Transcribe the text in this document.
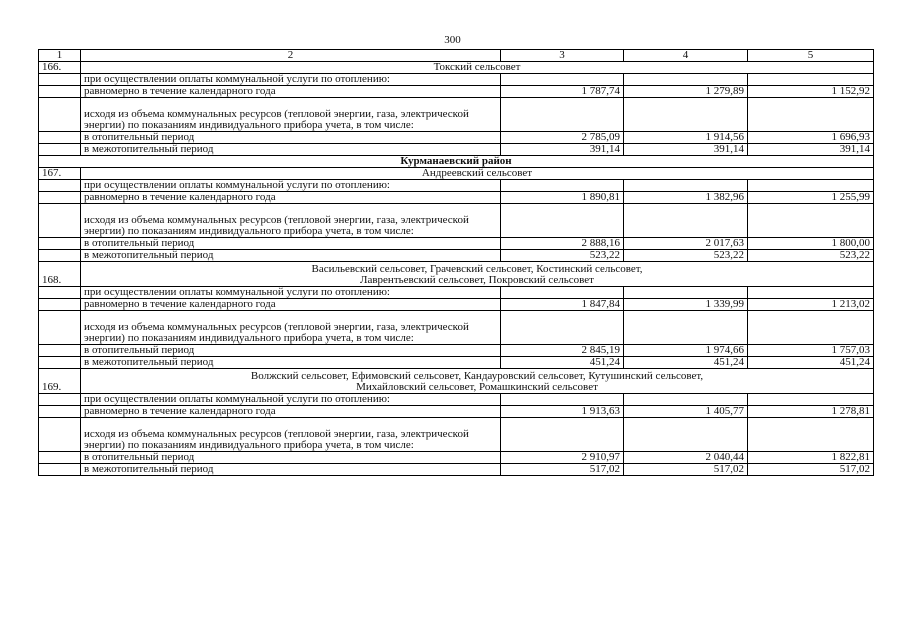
300
1	2	3	4	5
166.	Токский сельсовет			

	при осуществлении оплаты коммунальной услуги по отоплению:			
	равномерно в течение календарного года	1 787,74	1 279,89	1 152,92
	исходя из объема коммунальных ресурсов (тепловой энергии, газа, электрической энергии) по показаниям индивидуального прибора учета, в том числе:			
	в отопительный период	2 785,09	1 914,56	1 696,93
	в межотопительный период	391,14	391,14	391,14
Курманаевский район				
167.	Андреевский сельсовет			

	при осуществлении оплаты коммунальной услуги по отоплению:			
	равномерно в течение календарного года	1 890,81	1 382,96	1 255,99
	исходя из объема коммунальных ресурсов (тепловой энергии, газа, электрической энергии) по показаниям индивидуального прибора учета, в том числе:			
	в отопительный период	2 888,16	2 017,63	1 800,00
	в межотопительный период	523,22	523,22	523,22
168.	Васильевский сельсовет, Грачевский сельсовет, Костинский сельсовет,
Лаврентьевский сельсовет, Покровский сельсовет			

	при осуществлении оплаты коммунальной услуги по отоплению:			
	равномерно в течение календарного года	1 847,84	1 339,99	1 213,02
	исходя из объема коммунальных ресурсов (тепловой энергии, газа, электрической энергии) по показаниям индивидуального прибора учета, в том числе:			
	в отопительный период	2 845,19	1 974,66	1 757,03
	в межотопительный период	451,24	451,24	451,24
169.	Волжский сельсовет, Ефимовский сельсовет, Кандауровский сельсовет, Кутушинский сельсовет,
Михайловский сельсовет, Ромашкинский сельсовет			

	при осуществлении оплаты коммунальной услуги по отоплению:			
	равномерно в течение календарного года	1 913,63	1 405,77	1 278,81
	исходя из объема коммунальных ресурсов (тепловой энергии, газа, электрической энергии) по показаниям индивидуального прибора учета, в том числе:			
	в отопительный период	2 910,97	2 040,44	1 822,81
	в межотопительный период	517,02	517,02	517,02
